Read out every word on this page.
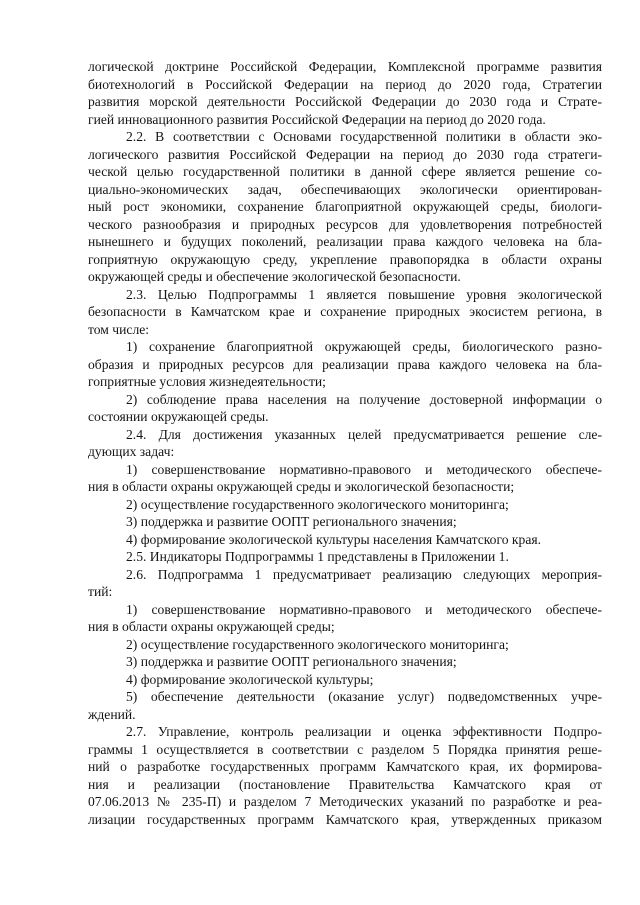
логической доктрине Российской Федерации, Комплексной программе развития

биотехнологий в Российской Федерации на период до 2020 года, Стратегии

развития морской деятельности Российской Федерации до 2030 года и Страте-

гией инновационного развития Российской Федерации на период до 2020 года.

2.2. В соответствии с Основами государственной политики в области эко-

логического развития Российской Федерации на период до 2030 года стратеги-

ческой целью государственной политики в данной сфере является решение со-

циально-экономических задач, обеспечивающих экологически ориентирован-

ный рост экономики, сохранение благоприятной окружающей среды, биологи-

ческого разнообразия и природных ресурсов для удовлетворения потребностей

нынешнего и будущих поколений, реализации права каждого человека на бла-

гоприятную окружающую среду, укрепление правопорядка в области охраны

окружающей среды и обеспечение экологической безопасности.

2.3. Целью Подпрограммы 1 является повышение уровня экологической

безопасности в Камчатском крае и сохранение природных экосистем региона, в

том числе:

1) сохранение благоприятной окружающей среды, биологического разно-

образия и природных ресурсов для реализации права каждого человека на бла-

гоприятные условия жизнедеятельности;

2) соблюдение права населения на получение достоверной информации о

состоянии окружающей среды.

2.4. Для достижения указанных целей предусматривается решение сле-

дующих задач:

1) совершенствование нормативно-правового и методического обеспече-

ния в области охраны окружающей среды и экологической безопасности;

2) осуществление государственного экологического мониторинга;

3) поддержка и развитие ООПТ регионального значения;

4) формирование экологической культуры населения Камчатского края.

2.5. Индикаторы Подпрограммы 1 представлены в Приложении 1.

2.6. Подпрограмма 1 предусматривает реализацию следующих мероприя-

тий:

1) совершенствование нормативно-правового и методического обеспече-

ния в области охраны окружающей среды;

2) осуществление государственного экологического мониторинга;

3) поддержка и развитие ООПТ регионального значения;

4) формирование экологической культуры;

5) обеспечение деятельности (оказание услуг) подведомственных учре-

ждений.

2.7. Управление, контроль реализации и оценка эффективности Подпро-

граммы 1 осуществляется в соответствии с разделом 5 Порядка принятия реше-

ний о разработке государственных программ Камчатского края, их формирова-

ния и реализации (постановление Правительства Камчатского края от

07.06.2013 № 235-П) и разделом 7 Методических указаний по разработке и реа-

лизации государственных программ Камчатского края, утвержденных приказом
